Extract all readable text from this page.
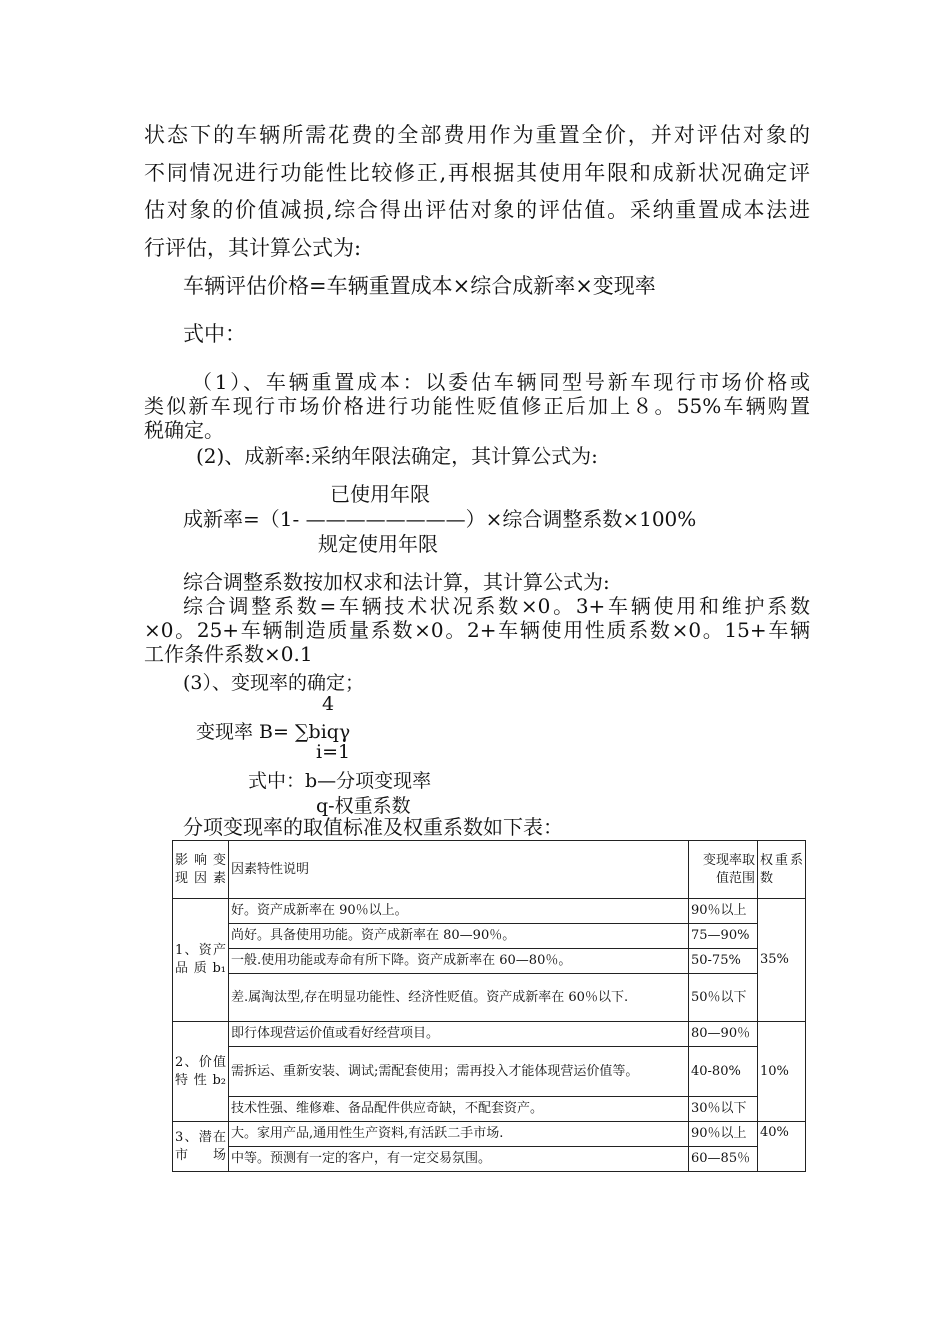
状态下的车辆所需花费的全部费用作为重置全价，并对评估对象的
不同情况进行功能性比较修正,再根据其使用年限和成新状况确定评
估对象的价值减损,综合得出评估对象的评估值。采纳重置成本法进
行评估，其计算公式为:
车辆评估价格=车辆重置成本×综合成新率×变现率
式中：
（1）、车辆重置成本：以委估车辆同型号新车现行市场价格或
类似新车现行市场价格进行功能性贬值修正后加上８。55%车辆购置
税确定。
(2)、成新率:采纳年限法确定，其计算公式为:
已使用年限
成新率=（1- ————————）×综合调整系数×100%
规定使用年限
综合调整系数按加权求和法计算，其计算公式为:
综合调整系数=车辆技术状况系数×0。3+车辆使用和维护系数
×0。25+车辆制造质量系数×0。2+车辆使用性质系数×0。15+车辆
工作条件系数×0.1
(3）、变现率的确定；
4
变现率 B= ∑biqγ
i=1
式中：b—分项变现率
q-权重系数
分项变现率的取值标准及权重系数如下表：
影响变现因素	因素特性说明	变现率取值范围	权重系数
1、资产品质b₁	好。资产成新率在 90％以上。	90％以上	35%
	尚好。具备使用功能。资产成新率在 80—90％。	75—90%	
	一般.使用功能或寿命有所下降。资产成新率在 60—80％。	50-75%	
	差.属淘汰型,存在明显功能性、经济性贬值。资产成新率在 60％以下.	50％以下	
2、价值特性b₂	即行体现营运价值或看好经营项目。	80—90％	10%
	需拆运、重新安装、调试;需配套使用；需再投入才能体现营运价值等。	40-80%	
	技术性强、维修难、备品配件供应奇缺，不配套资产。	30％以下	
3、潜在市场	大。家用产品,通用性生产资料,有活跃二手市场.	90％以上	40%
	中等。预测有一定的客户，有一定交易氛围。	60—85％	
